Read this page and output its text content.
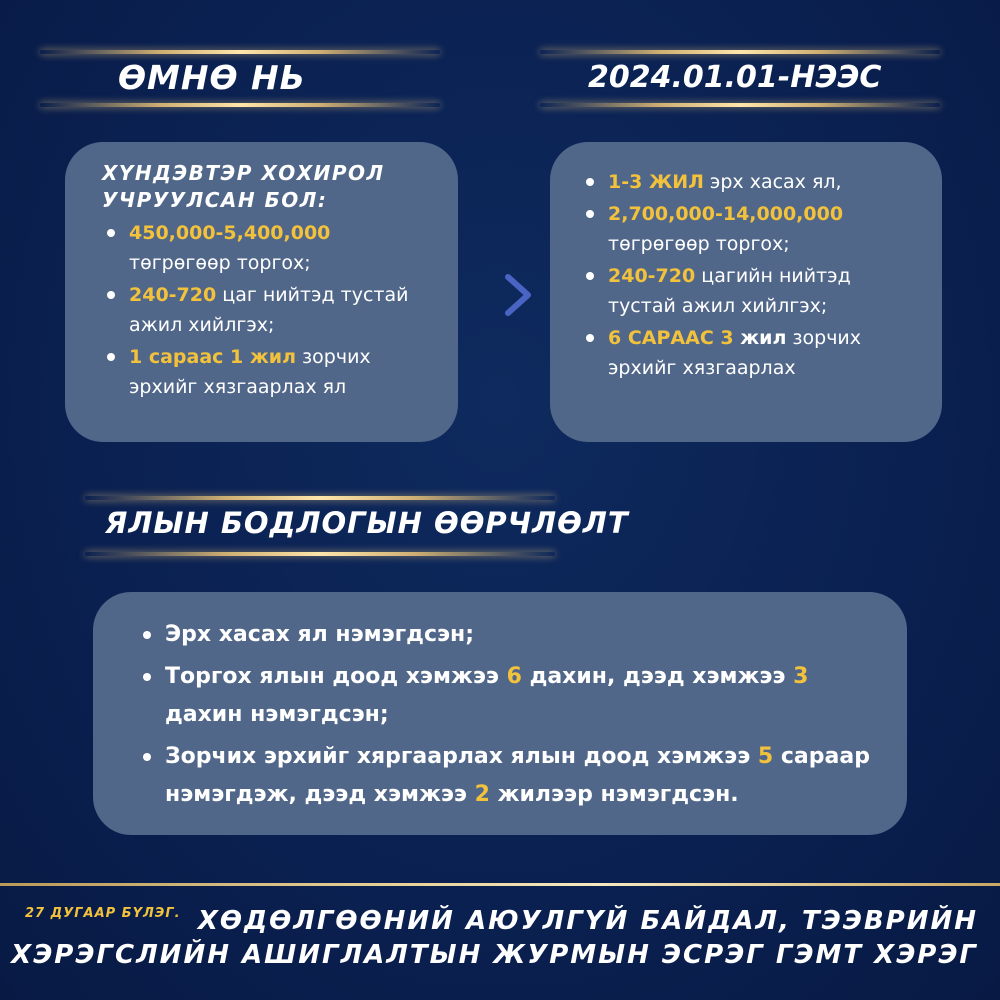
ӨМНӨ НЬ	2024.01.01-НЭЭС
ХҮНДЭВТЭР ХОХИРОЛ УЧРУУЛСАН БОЛ:
450,000-5,400,000 төгрөгөөр торгох;
240-720 цаг нийтэд тустай ажил хийлгэх;
1 сараас 1 жил зорчих эрхийг хязгаарлах ял
1-3 ЖИЛ эрх хасах ял,
2,700,000-14,000,000 төгрөгөөр торгох;
240-720 цагийн нийтэд тустай ажил хийлгэх;
6 САРААС 3 жил зорчих эрхийг хязгаарлах
ЯЛЫН БОДЛОГЫН ӨӨРЧЛӨЛТ
Эрх хасах ял нэмэгдсэн;
Торгох ялын доод хэмжээ 6 дахин, дээд хэмжээ 3 дахин нэмэгдсэн;
Зорчих эрхийг хяргаарлах ялын доод хэмжээ 5 сараар нэмэгдэж, дээд хэмжээ 2 жилээр нэмэгдсэн.
27 ДУГААР БҮЛЭГ. ХӨДӨЛГӨӨНИЙ АЮУЛГҮЙ БАЙДАЛ, ТЭЭВРИЙН
ХЭРЭГСЛИЙН АШИГЛАЛТЫН ЖУРМЫН ЭСРЭГ ГЭМТ ХЭРЭГ
